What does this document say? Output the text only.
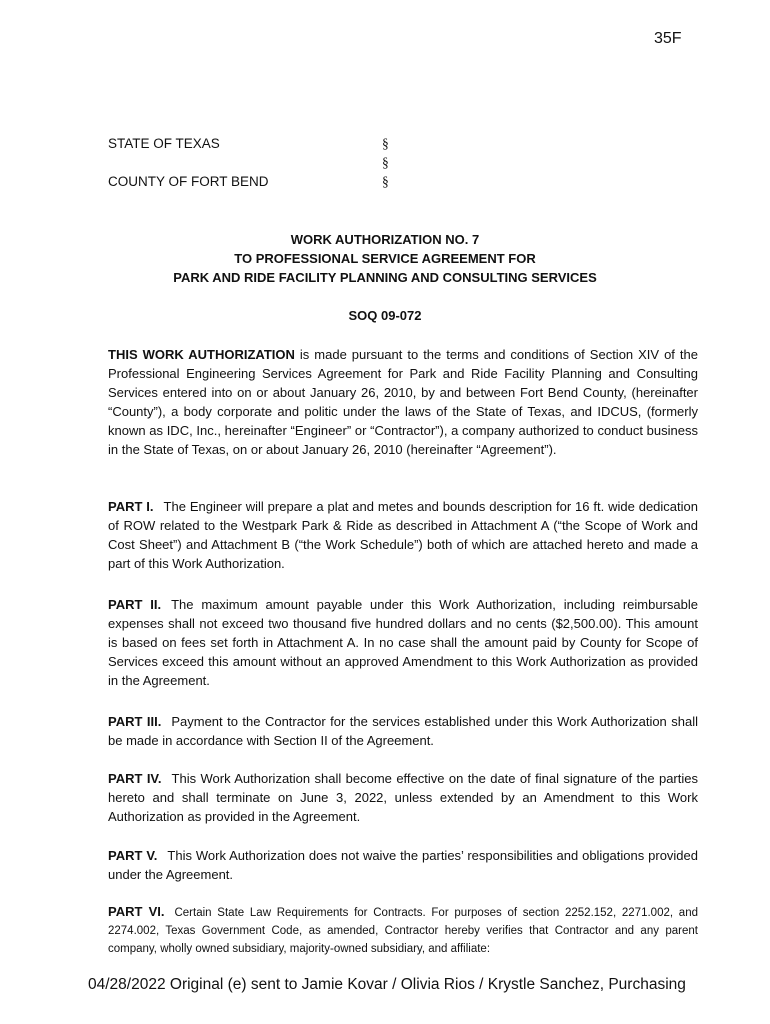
35F
STATE OF TEXAS
COUNTY OF FORT BEND
§
§
§
WORK AUTHORIZATION NO. 7
TO PROFESSIONAL SERVICE AGREEMENT FOR
PARK AND RIDE FACILITY PLANNING AND CONSULTING SERVICES
SOQ 09-072
THIS WORK AUTHORIZATION is made pursuant to the terms and conditions of Section XIV of the Professional Engineering Services Agreement for Park and Ride Facility Planning and Consulting Services entered into on or about January 26, 2010, by and between Fort Bend County, (hereinafter “County”), a body corporate and politic under the laws of the State of Texas, and IDCUS, (formerly known as IDC, Inc., hereinafter “Engineer” or “Contractor”), a company authorized to conduct business in the State of Texas, on or about January 26, 2010 (hereinafter “Agreement”).
PART I. The Engineer will prepare a plat and metes and bounds description for 16 ft. wide dedication of ROW related to the Westpark Park & Ride as described in Attachment A (“the Scope of Work and Cost Sheet”) and Attachment B (“the Work Schedule”) both of which are attached hereto and made a part of this Work Authorization.
PART II. The maximum amount payable under this Work Authorization, including reimbursable expenses shall not exceed two thousand five hundred dollars and no cents ($2,500.00). This amount is based on fees set forth in Attachment A. In no case shall the amount paid by County for Scope of Services exceed this amount without an approved Amendment to this Work Authorization as provided in the Agreement.
PART III. Payment to the Contractor for the services established under this Work Authorization shall be made in accordance with Section II of the Agreement.
PART IV. This Work Authorization shall become effective on the date of final signature of the parties hereto and shall terminate on June 3, 2022, unless extended by an Amendment to this Work Authorization as provided in the Agreement.
PART V. This Work Authorization does not waive the parties’ responsibilities and obligations provided under the Agreement.
PART VI. Certain State Law Requirements for Contracts. For purposes of section 2252.152, 2271.002, and 2274.002, Texas Government Code, as amended, Contractor hereby verifies that Contractor and any parent company, wholly owned subsidiary, majority-owned subsidiary, and affiliate:
04/28/2022 Original (e) sent to Jamie Kovar / Olivia Rios / Krystle Sanchez, Purchasing
